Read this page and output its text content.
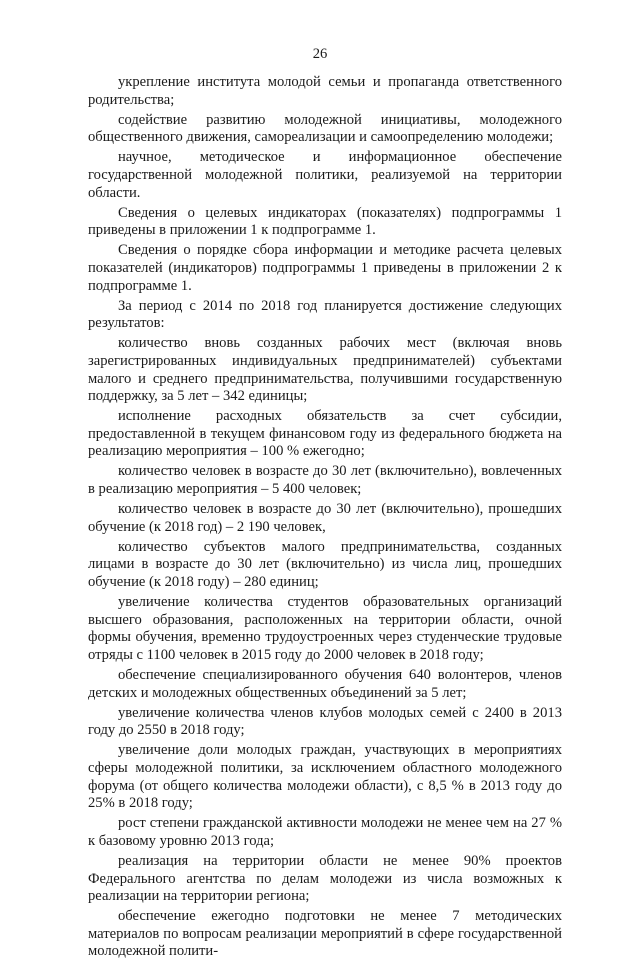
26

укрепление института молодой семьи и пропаганда ответственного родительства;

содействие развитию молодежной инициативы, молодежного общественного движения, самореализации и самоопределению молодежи;

научное, методическое и информационное обеспечение государственной молодежной политики, реализуемой на территории области.

Сведения о целевых индикаторах (показателях) подпрограммы 1 приведены в приложении 1 к подпрограмме 1.

Сведения о порядке сбора информации и методике расчета целевых показателей (индикаторов) подпрограммы 1 приведены в приложении 2 к подпрограмме 1.

За период с 2014 по 2018 год планируется достижение следующих результатов:

количество вновь созданных рабочих мест (включая вновь зарегистрированных индивидуальных предпринимателей) субъектами малого и среднего предпринимательства, получившими государственную поддержку, за 5 лет – 342 единицы;

исполнение расходных обязательств за счет субсидии, предоставленной в текущем финансовом году из федерального бюджета на реализацию мероприятия – 100 % ежегодно;

количество человек в возрасте до 30 лет (включительно), вовлеченных в реализацию мероприятия – 5 400 человек;

количество человек в возрасте до 30 лет (включительно), прошедших обучение (к 2018 год) – 2 190 человек,

количество субъектов малого предпринимательства, созданных лицами в возрасте до 30 лет (включительно) из числа лиц, прошедших обучение (к 2018 году) – 280 единиц;

увеличение количества студентов образовательных организаций высшего образования, расположенных на территории области, очной формы обучения, временно трудоустроенных через студенческие трудовые отряды с 1100 человек в 2015 году до 2000 человек в 2018 году;

обеспечение специализированного обучения 640 волонтеров, членов детских и молодежных общественных объединений за 5 лет;

увеличение количества членов клубов молодых семей с 2400 в 2013 году до 2550 в 2018 году;

увеличение доли молодых граждан, участвующих в мероприятиях сферы молодежной политики, за исключением областного молодежного форума (от общего количества молодежи области), с 8,5 % в 2013 году до 25% в 2018 году;

рост степени гражданской активности молодежи не менее чем на 27 % к базовому уровню 2013 года;

реализация на территории области не менее 90% проектов Федерального агентства по делам молодежи из числа возможных к реализации на территории региона;

обеспечение ежегодно подготовки не менее 7 методических материалов по вопросам реализации мероприятий в сфере государственной молодежной полити-
